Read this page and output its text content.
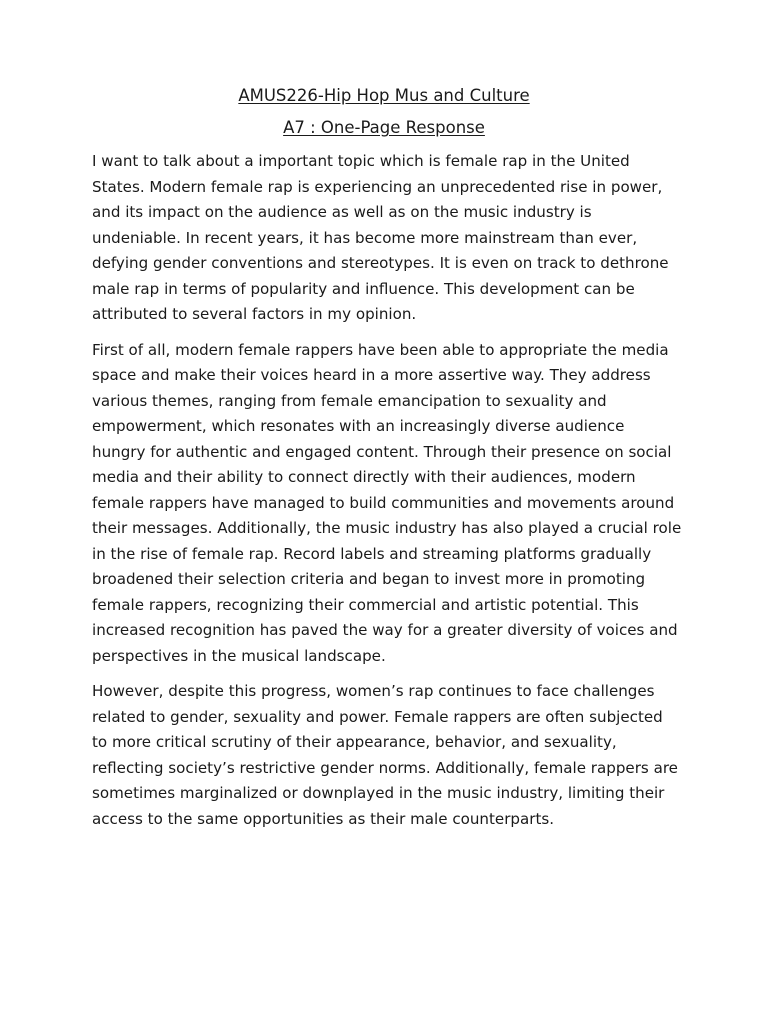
AMUS226-Hip Hop Mus and Culture
A7 : One-Page Response

I want to talk about a important topic which is female rap in the United States. Modern female rap is experiencing an unprecedented rise in power, and its impact on the audience as well as on the music industry is undeniable. In recent years, it has become more mainstream than ever, defying gender conventions and stereotypes. It is even on track to dethrone male rap in terms of popularity and influence. This development can be attributed to several factors in my opinion.

First of all, modern female rappers have been able to appropriate the media space and make their voices heard in a more assertive way. They address various themes, ranging from female emancipation to sexuality and empowerment, which resonates with an increasingly diverse audience hungry for authentic and engaged content. Through their presence on social media and their ability to connect directly with their audiences, modern female rappers have managed to build communities and movements around their messages. Additionally, the music industry has also played a crucial role in the rise of female rap. Record labels and streaming platforms gradually broadened their selection criteria and began to invest more in promoting female rappers, recognizing their commercial and artistic potential. This increased recognition has paved the way for a greater diversity of voices and perspectives in the musical landscape.

However, despite this progress, women’s rap continues to face challenges related to gender, sexuality and power. Female rappers are often subjected to more critical scrutiny of their appearance, behavior, and sexuality, reflecting society’s restrictive gender norms. Additionally, female rappers are sometimes marginalized or downplayed in the music industry, limiting their access to the same opportunities as their male counterparts.
